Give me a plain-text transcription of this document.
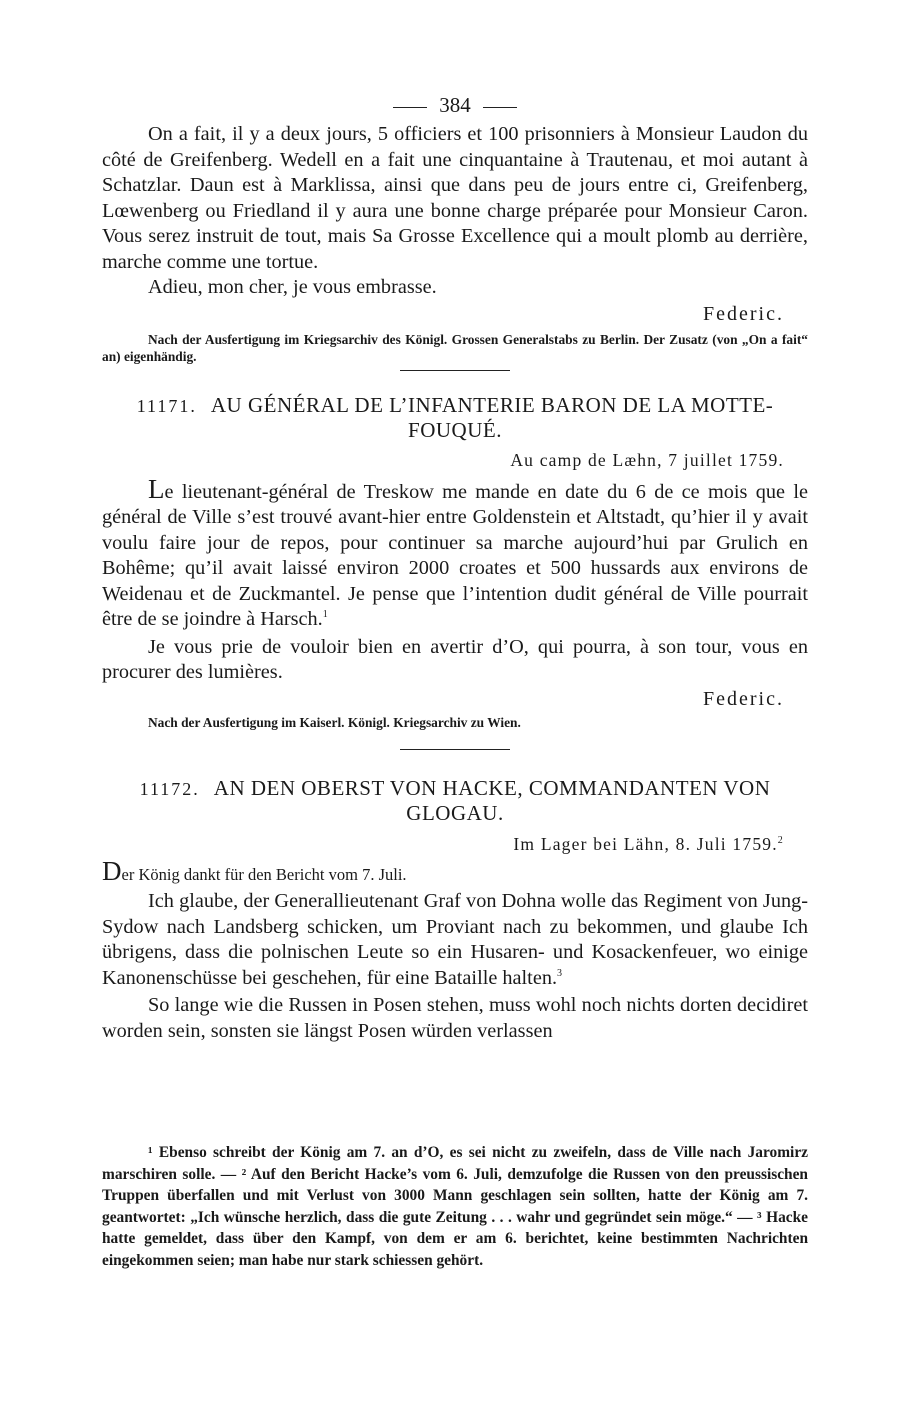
384

On a fait, il y a deux jours, 5 officiers et 100 prisonniers à Monsieur Laudon du côté de Greifenberg. Wedell en a fait une cinquantaine à Trautenau, et moi autant à Schatzlar. Daun est à Marklissa, ainsi que dans peu de jours entre ci, Greifenberg, Lœwenberg ou Friedland il y aura une bonne charge préparée pour Monsieur Caron. Vous serez instruit de tout, mais Sa Grosse Excellence qui a moult plomb au derrière, marche comme une tortue.

Adieu, mon cher, je vous embrasse.

Federic.

Nach der Ausfertigung im Kriegsarchiv des Königl. Grossen Generalstabs zu Berlin. Der Zusatz (von „On a fait“ an) eigenhändig.

11171. AU GÉNÉRAL DE L’INFANTERIE BARON DE LA MOTTE-FOUQUÉ.

Au camp de Læhn, 7 juillet 1759.

Le lieutenant-général de Treskow me mande en date du 6 de ce mois que le général de Ville s’est trouvé avant-hier entre Goldenstein et Altstadt, qu’hier il y avait voulu faire jour de repos, pour continuer sa marche aujourd’hui par Grulich en Bohême; qu’il avait laissé environ 2000 croates et 500 hussards aux environs de Weidenau et de Zuckmantel. Je pense que l’intention dudit général de Ville pourrait être de se joindre à Harsch.$^1$

Je vous prie de vouloir bien en avertir d’O, qui pourra, à son tour, vous en procurer des lumières.

Federic.

Nach der Ausfertigung im Kaiserl. Königl. Kriegsarchiv zu Wien.

11172. AN DEN OBERST VON HACKE, COMMANDANTEN VON GLOGAU.

Im Lager bei Lähn, 8. Juli 1759.$^2$

Der König dankt für den Bericht vom 7. Juli.

Ich glaube, der Generallieutenant Graf von Dohna wolle das Regiment von Jung-Sydow nach Landsberg schicken, um Proviant nach zu bekommen, und glaube Ich übrigens, dass die polnischen Leute so ein Husaren- und Kosackenfeuer, wo einige Kanonenschüsse bei geschehen, für eine Bataille halten.$^3$

So lange wie die Russen in Posen stehen, muss wohl noch nichts dorten decidiret worden sein, sonsten sie längst Posen würden verlassen

¹ Ebenso schreibt der König am 7. an d’O, es sei nicht zu zweifeln, dass de Ville nach Jaromirz marschiren solle. — ² Auf den Bericht Hacke’s vom 6. Juli, demzufolge die Russen von den preussischen Truppen überfallen und mit Verlust von 3000 Mann geschlagen sein sollten, hatte der König am 7. geantwortet: „Ich wünsche herzlich, dass die gute Zeitung . . . wahr und gegründet sein möge.“ — ³ Hacke hatte gemeldet, dass über den Kampf, von dem er am 6. berichtet, keine bestimmten Nachrichten eingekommen seien; man habe nur stark schiessen gehört.
